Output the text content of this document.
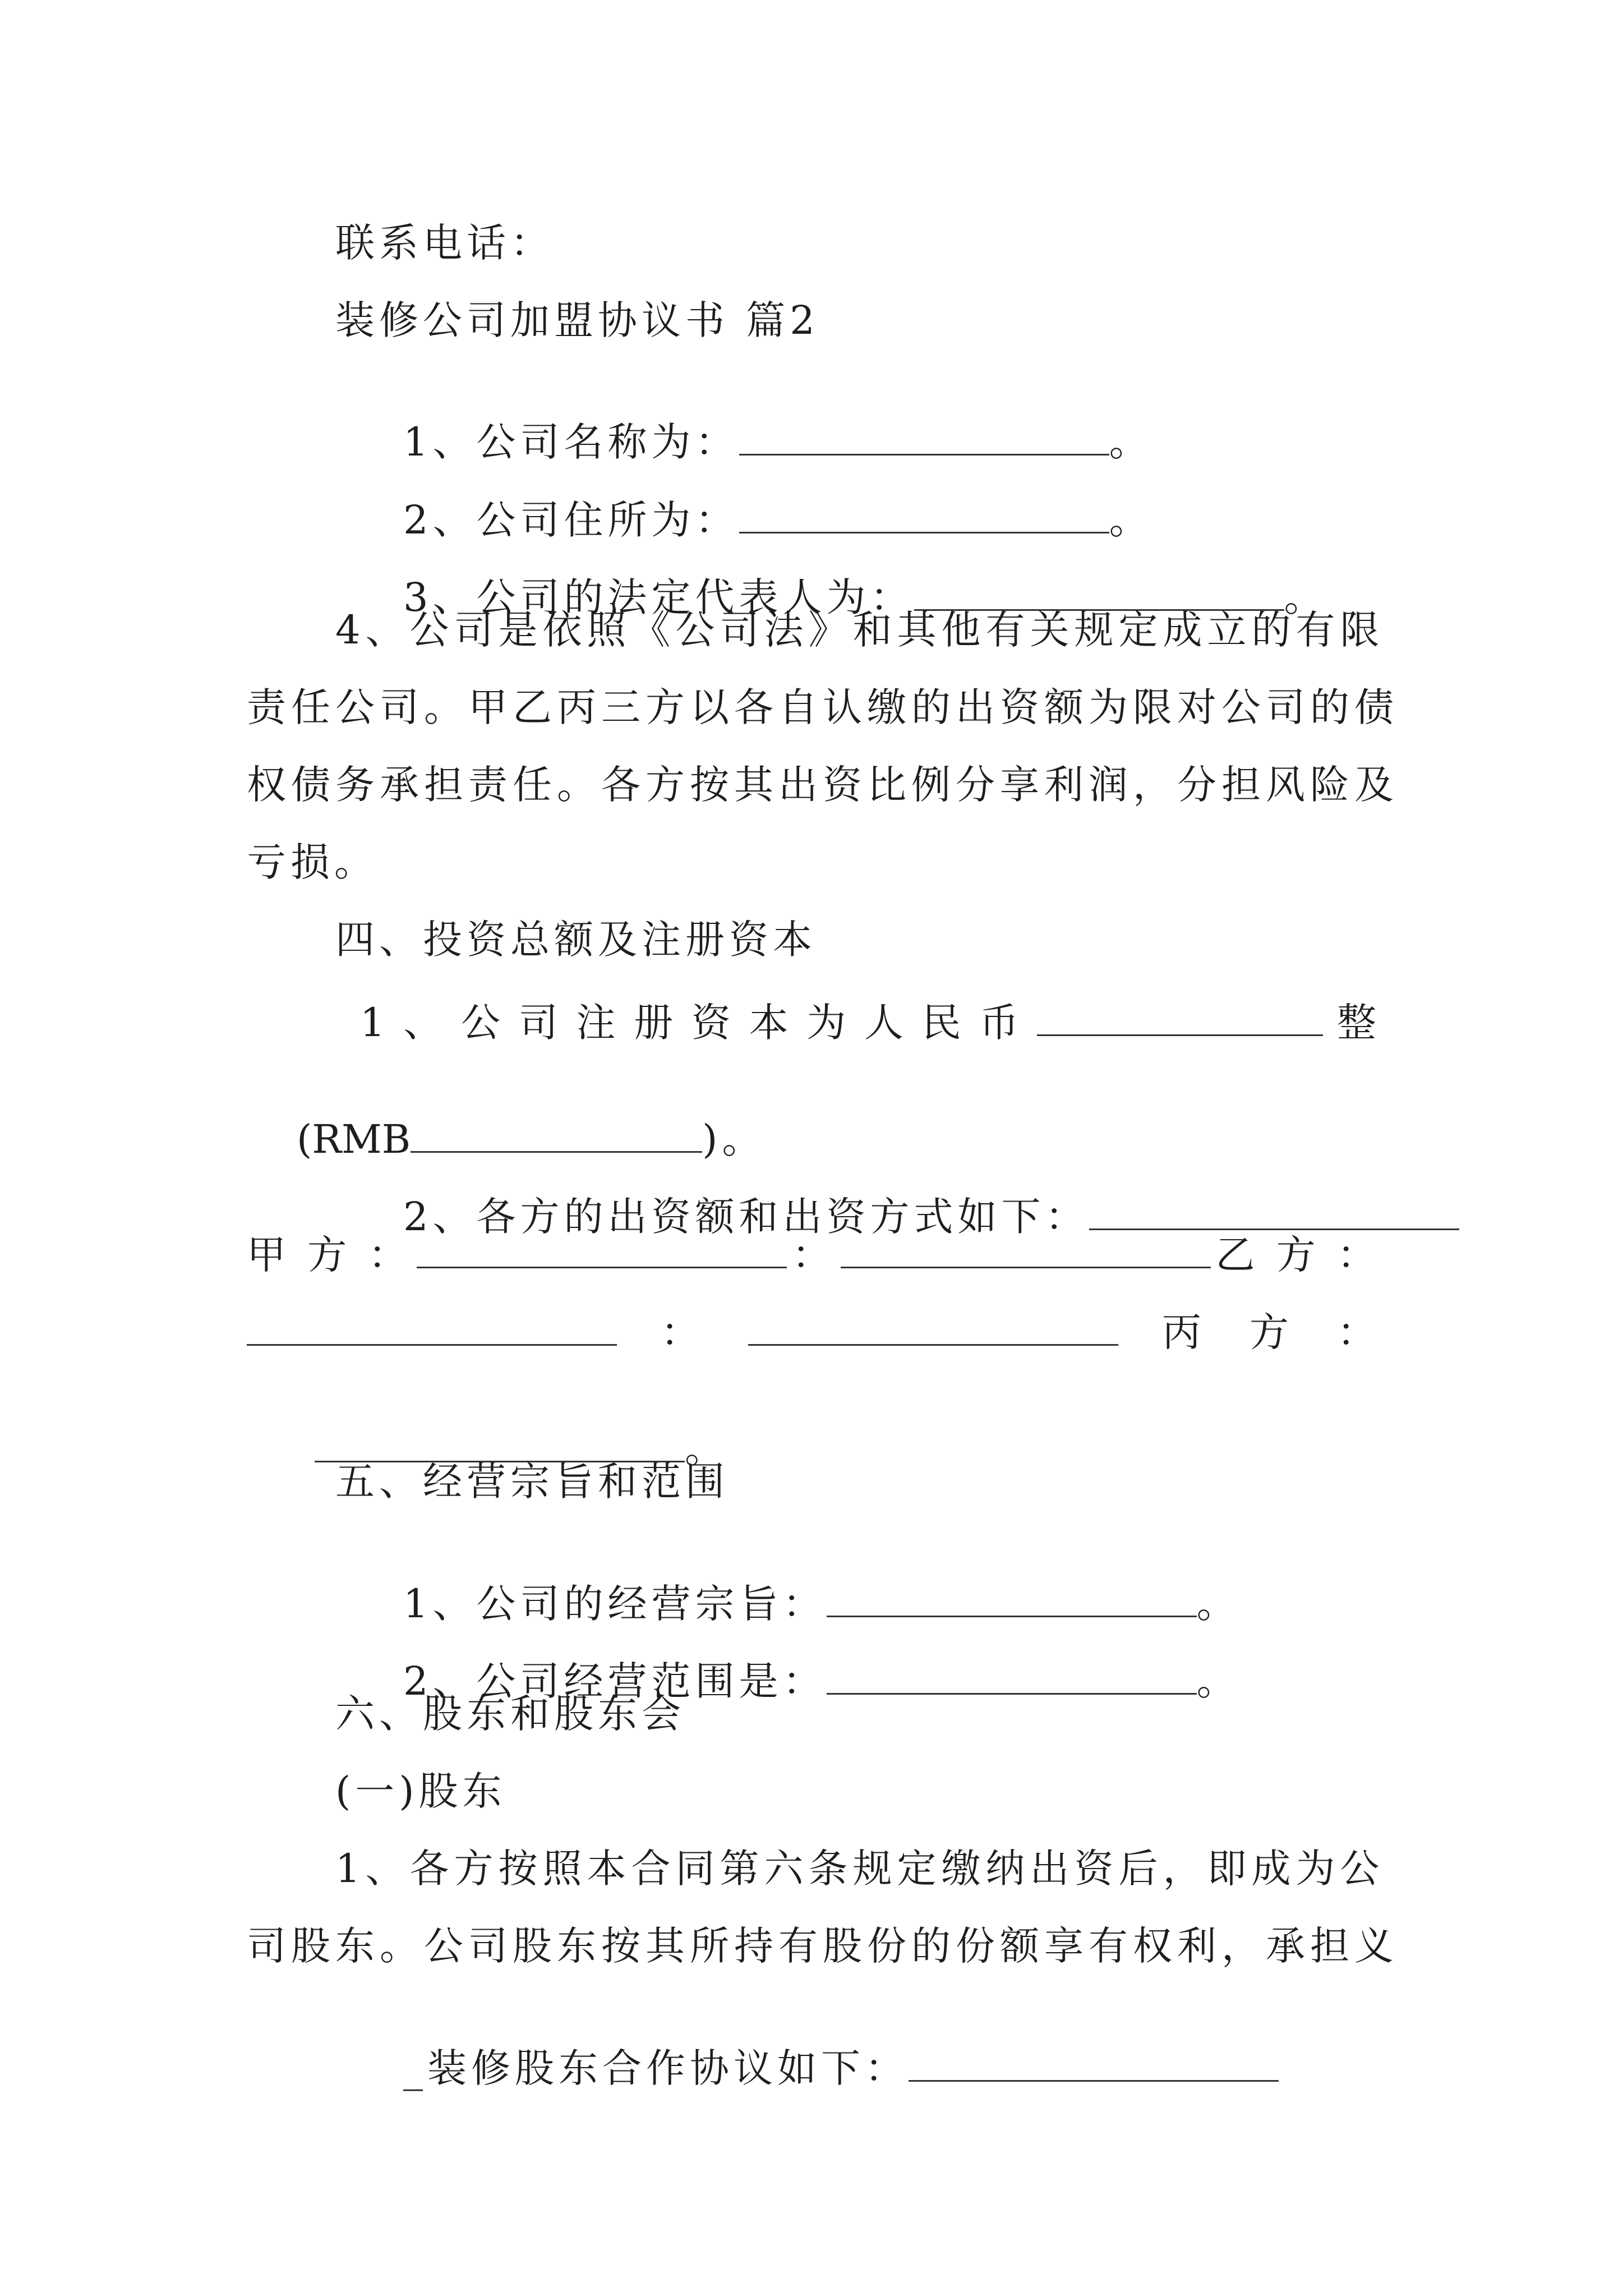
联系电话：
装修公司加盟协议书 篇2

1、公司名称为：	。

2、公司住所为：	。

3、公司的法定代表人为：	。

4、公司是依照《公司法》和其他有关规定成立的有限
责任公司。甲乙丙三方以各自认缴的出资额为限对公司的债
权债务承担责任。各方按其出资比例分享利润，分担风险及
亏损。
四、投资总额及注册资本
1 、 公 司 注 册 资 本 为 人 民 币	整

(RMB	)。

2、各方的出资额和出资方式如下：

甲 方 ：	：	乙 方 ：
：	丙 方 ：

。

五、经营宗旨和范围

1、公司的经营宗旨：	。

2、公司经营范围是：	。

六、股东和股东会
(一)股东
1、各方按照本合同第六条规定缴纳出资后，即成为公
司股东。公司股东按其所持有股份的份额享有权利，承担义

_装修股东合作协议如下：
